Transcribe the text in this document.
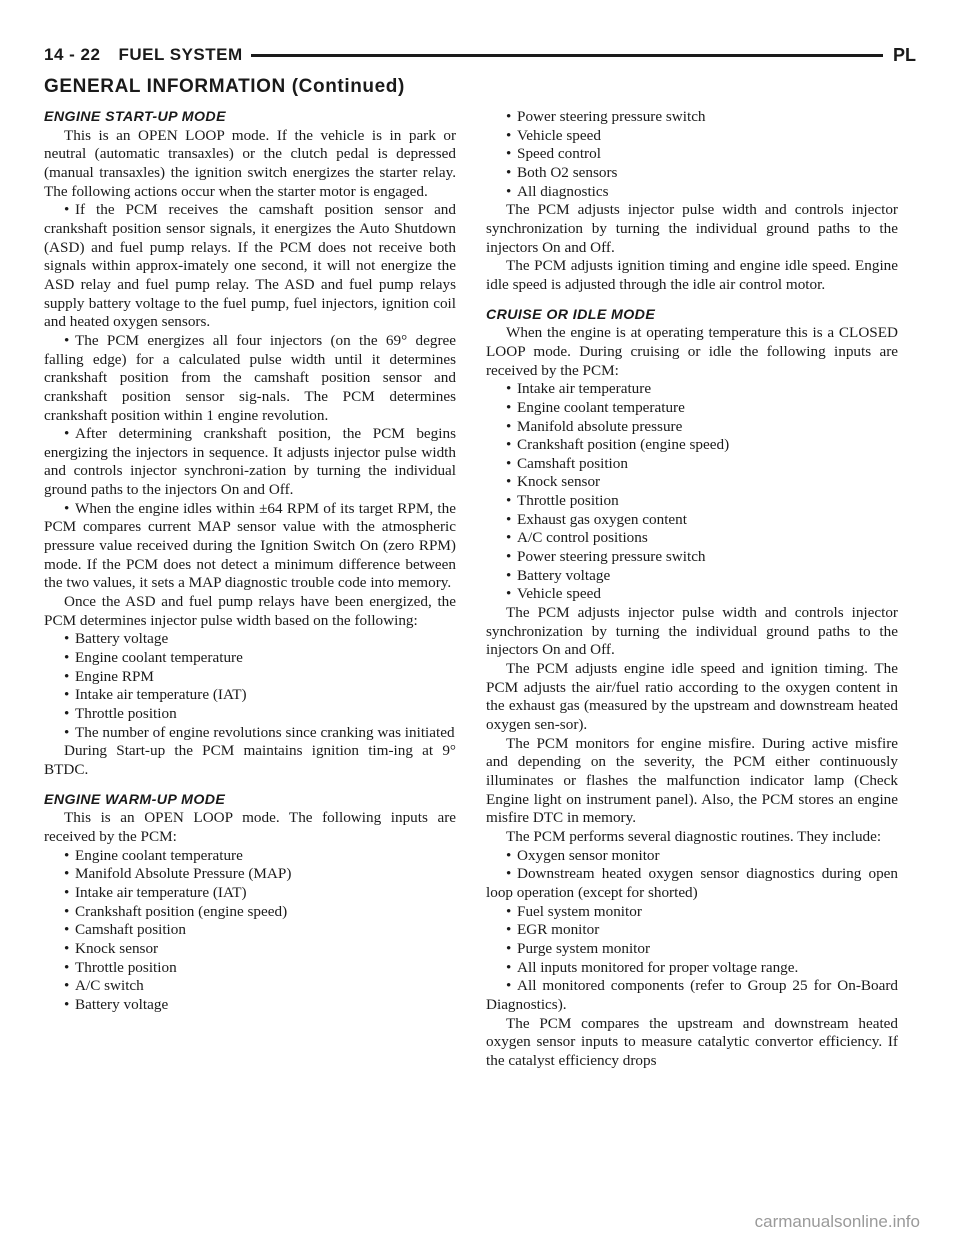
14 - 22 FUEL SYSTEM	PL
GENERAL INFORMATION (Continued)
ENGINE START-UP MODE

This is an OPEN LOOP mode. If the vehicle is in park or neutral (automatic transaxles) or the clutch pedal is depressed (manual transaxles) the ignition switch energizes the starter relay. The following actions occur when the starter motor is engaged.

• If the PCM receives the camshaft position sensor and crankshaft position sensor signals, it energizes the Auto Shutdown (ASD) and fuel pump relays. If the PCM does not receive both signals within approx-imately one second, it will not energize the ASD relay and fuel pump relay. The ASD and fuel pump relays supply battery voltage to the fuel pump, fuel injectors, ignition coil and heated oxygen sensors.

• The PCM energizes all four injectors (on the 69° degree falling edge) for a calculated pulse width until it determines crankshaft position from the camshaft position sensor and crankshaft position sensor sig-nals. The PCM determines crankshaft position within 1 engine revolution.

• After determining crankshaft position, the PCM begins energizing the injectors in sequence. It adjusts injector pulse width and controls injector synchroni-zation by turning the individual ground paths to the injectors On and Off.

• When the engine idles within ±64 RPM of its target RPM, the PCM compares current MAP sensor value with the atmospheric pressure value received during the Ignition Switch On (zero RPM) mode. If the PCM does not detect a minimum difference between the two values, it sets a MAP diagnostic trouble code into memory.

Once the ASD and fuel pump relays have been energized, the PCM determines injector pulse width based on the following:

• Battery voltage

• Engine coolant temperature

• Engine RPM

• Intake air temperature (IAT)

• Throttle position

• The number of engine revolutions since cranking was initiated

During Start-up the PCM maintains ignition tim-ing at 9° BTDC.

ENGINE WARM-UP MODE

This is an OPEN LOOP mode. The following inputs are received by the PCM:

• Engine coolant temperature

• Manifold Absolute Pressure (MAP)

• Intake air temperature (IAT)

• Crankshaft position (engine speed)

• Camshaft position

• Knock sensor

• Throttle position

• A/C switch

• Battery voltage

• Power steering pressure switch

• Vehicle speed

• Speed control

• Both O2 sensors

• All diagnostics

The PCM adjusts injector pulse width and controls injector synchronization by turning the individual ground paths to the injectors On and Off.

The PCM adjusts ignition timing and engine idle speed. Engine idle speed is adjusted through the idle air control motor.

CRUISE OR IDLE MODE

When the engine is at operating temperature this is a CLOSED LOOP mode. During cruising or idle the following inputs are received by the PCM:

• Intake air temperature

• Engine coolant temperature

• Manifold absolute pressure

• Crankshaft position (engine speed)

• Camshaft position

• Knock sensor

• Throttle position

• Exhaust gas oxygen content

• A/C control positions

• Power steering pressure switch

• Battery voltage

• Vehicle speed

The PCM adjusts injector pulse width and controls injector synchronization by turning the individual ground paths to the injectors On and Off.

The PCM adjusts engine idle speed and ignition timing. The PCM adjusts the air/fuel ratio according to the oxygen content in the exhaust gas (measured by the upstream and downstream heated oxygen sen-sor).

The PCM monitors for engine misfire. During active misfire and depending on the severity, the PCM either continuously illuminates or flashes the malfunction indicator lamp (Check Engine light on instrument panel). Also, the PCM stores an engine misfire DTC in memory.

The PCM performs several diagnostic routines. They include:

• Oxygen sensor monitor

• Downstream heated oxygen sensor diagnostics during open loop operation (except for shorted)

• Fuel system monitor

• EGR monitor

• Purge system monitor

• All inputs monitored for proper voltage range.

• All monitored components (refer to Group 25 for On-Board Diagnostics).

The PCM compares the upstream and downstream heated oxygen sensor inputs to measure catalytic convertor efficiency. If the catalyst efficiency drops

carmanualsonline.info
